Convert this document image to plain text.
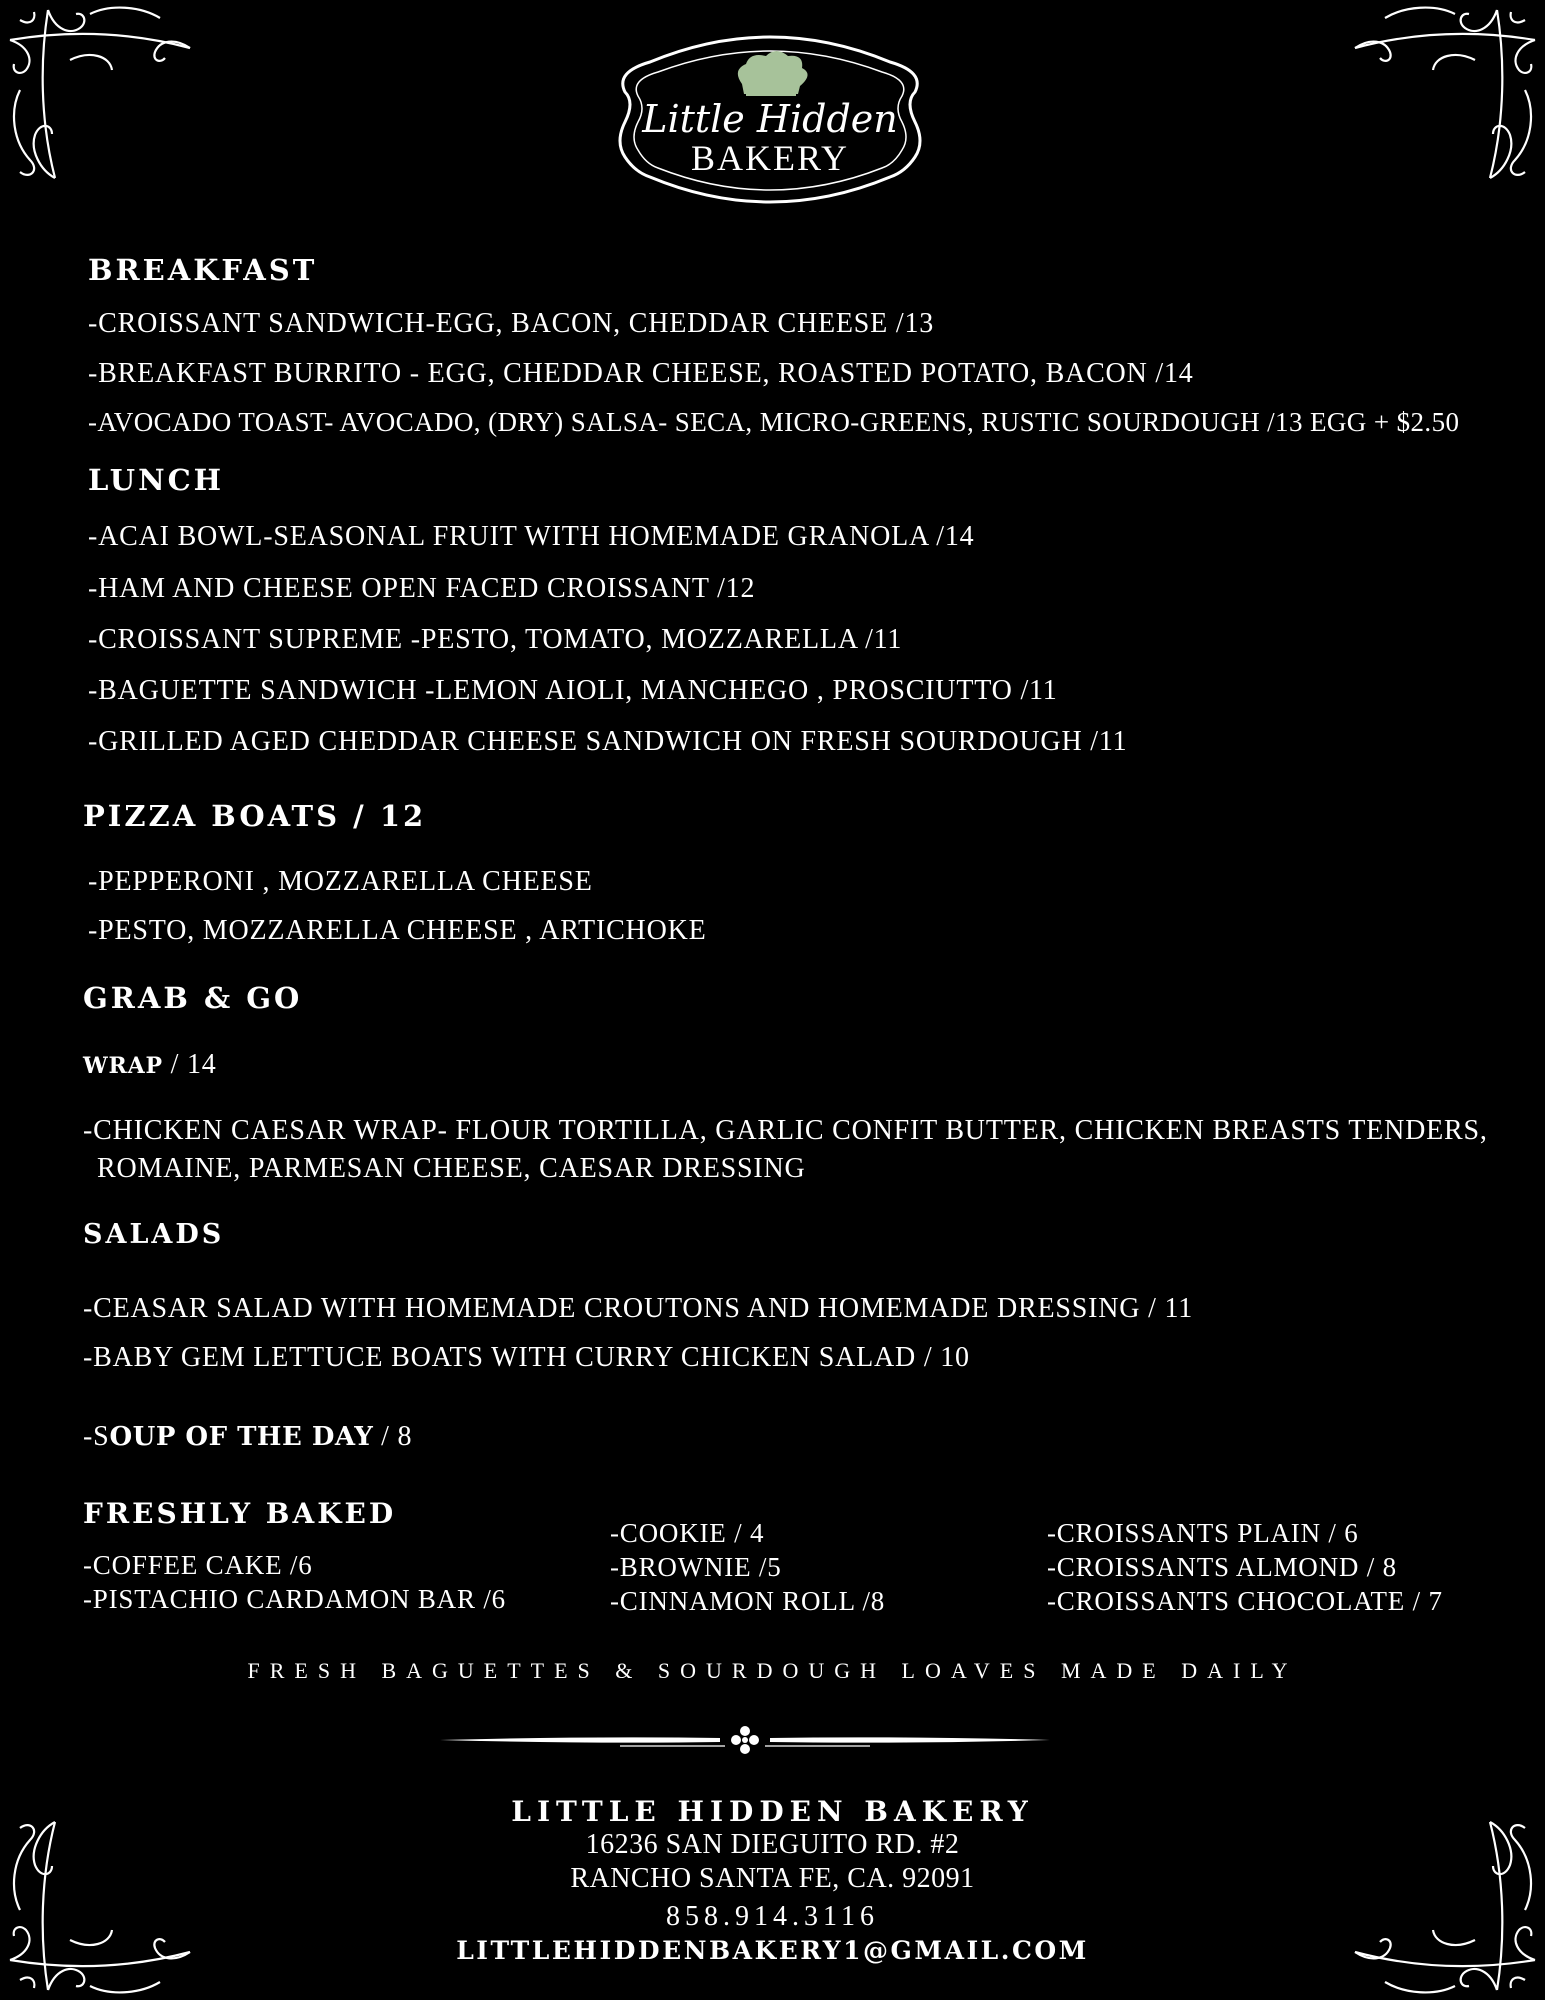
Little Hidden
BAKERY
BREAKFAST
-CROISSANT SANDWICH-EGG, BACON, CHEDDAR CHEESE /13
-BREAKFAST BURRITO - EGG, CHEDDAR CHEESE, ROASTED POTATO, BACON /14
-AVOCADO TOAST- AVOCADO, (DRY) SALSA- SECA, MICRO-GREENS, RUSTIC SOURDOUGH /13 EGG + $2.50
LUNCH
-ACAI BOWL-SEASONAL FRUIT WITH HOMEMADE GRANOLA /14
-HAM AND CHEESE OPEN FACED CROISSANT /12
-CROISSANT SUPREME -PESTO, TOMATO, MOZZARELLA /11
-BAGUETTE SANDWICH -LEMON AIOLI, MANCHEGO , PROSCIUTTO /11
-GRILLED AGED CHEDDAR CHEESE SANDWICH ON FRESH SOURDOUGH /11
PIZZA BOATS / 12
-PEPPERONI , MOZZARELLA CHEESE
-PESTO, MOZZARELLA CHEESE , ARTICHOKE
GRAB & GO
WRAP / 14
-CHICKEN CAESAR WRAP- FLOUR TORTILLA, GARLIC CONFIT BUTTER, CHICKEN BREASTS TENDERS,
ROMAINE, PARMESAN CHEESE, CAESAR DRESSING
SALADS
-CEASAR SALAD WITH HOMEMADE CROUTONS AND HOMEMADE DRESSING / 11
-BABY GEM LETTUCE BOATS WITH CURRY CHICKEN SALAD / 10
-SOUP OF THE DAY / 8
FRESHLY BAKED
-COFFEE CAKE /6
-PISTACHIO CARDAMON BAR /6
-COOKIE / 4
-BROWNIE /5
-CINNAMON ROLL /8
-CROISSANTS PLAIN / 6
-CROISSANTS ALMOND / 8
-CROISSANTS CHOCOLATE / 7
FRESH BAGUETTES & SOURDOUGH LOAVES MADE DAILY
LITTLE HIDDEN BAKERY
16236 SAN DIEGUITO RD. #2
RANCHO SANTA FE, CA. 92091
858.914.3116
LITTLEHIDDENBAKERY1@GMAIL.COM
